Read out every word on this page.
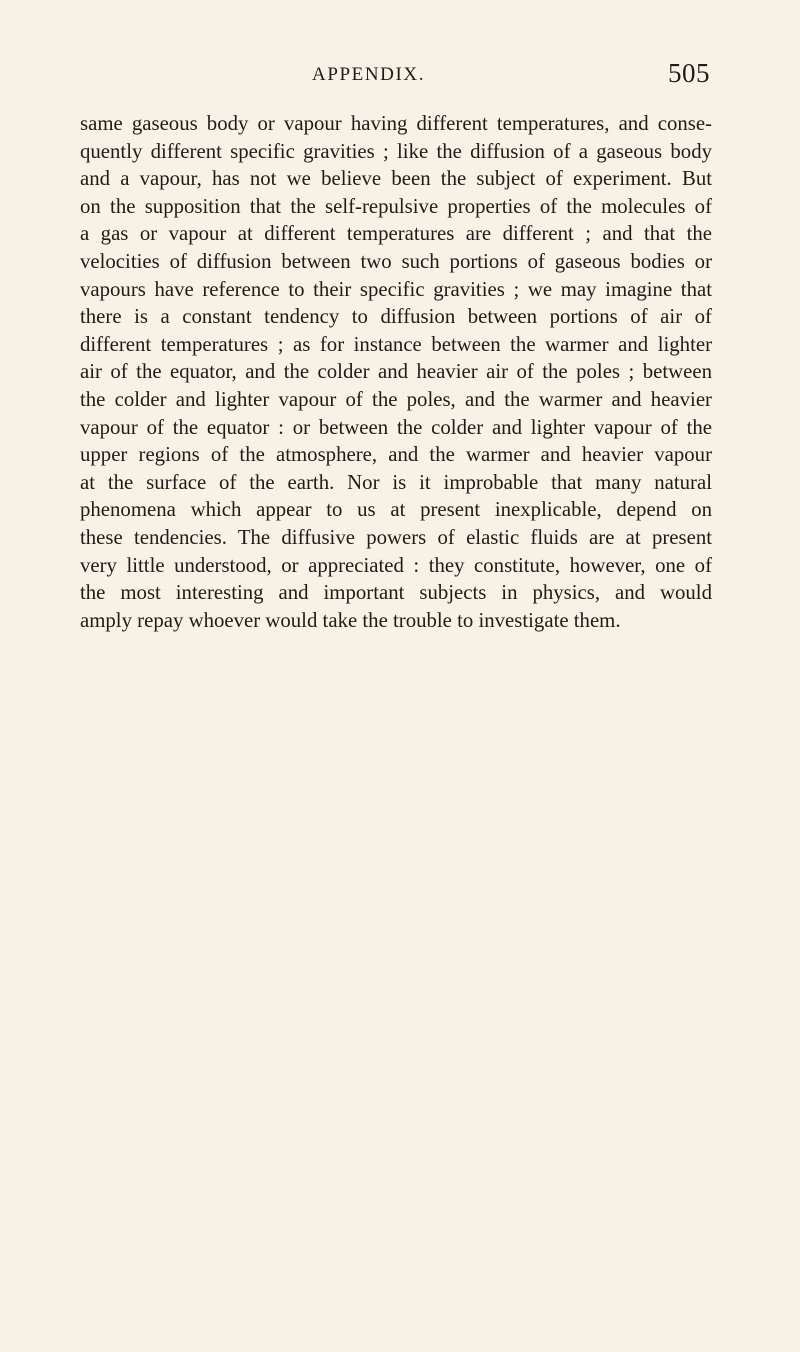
APPENDIX.	505
same gaseous body or vapour having different temperatures, and conse-
quently different specific gravities ; like the diffusion of a gaseous body
and a vapour, has not we believe been the subject of experiment. But
on the supposition that the self-repulsive properties of the molecules of
a gas or vapour at different temperatures are different ; and that the
velocities of diffusion between two such portions of gaseous bodies or
vapours have reference to their specific gravities ; we may imagine that
there is a constant tendency to diffusion between portions of air of
different temperatures ; as for instance between the warmer and lighter
air of the equator, and the colder and heavier air of the poles ; between
the colder and lighter vapour of the poles, and the warmer and heavier
vapour of the equator : or between the colder and lighter vapour of the
upper regions of the atmosphere, and the warmer and heavier vapour
at the surface of the earth. Nor is it improbable that many natural
phenomena which appear to us at present inexplicable, depend on
these tendencies. The diffusive powers of elastic fluids are at present
very little understood, or appreciated : they constitute, however, one of
the most interesting and important subjects in physics, and would
amply repay whoever would take the trouble to investigate them.
